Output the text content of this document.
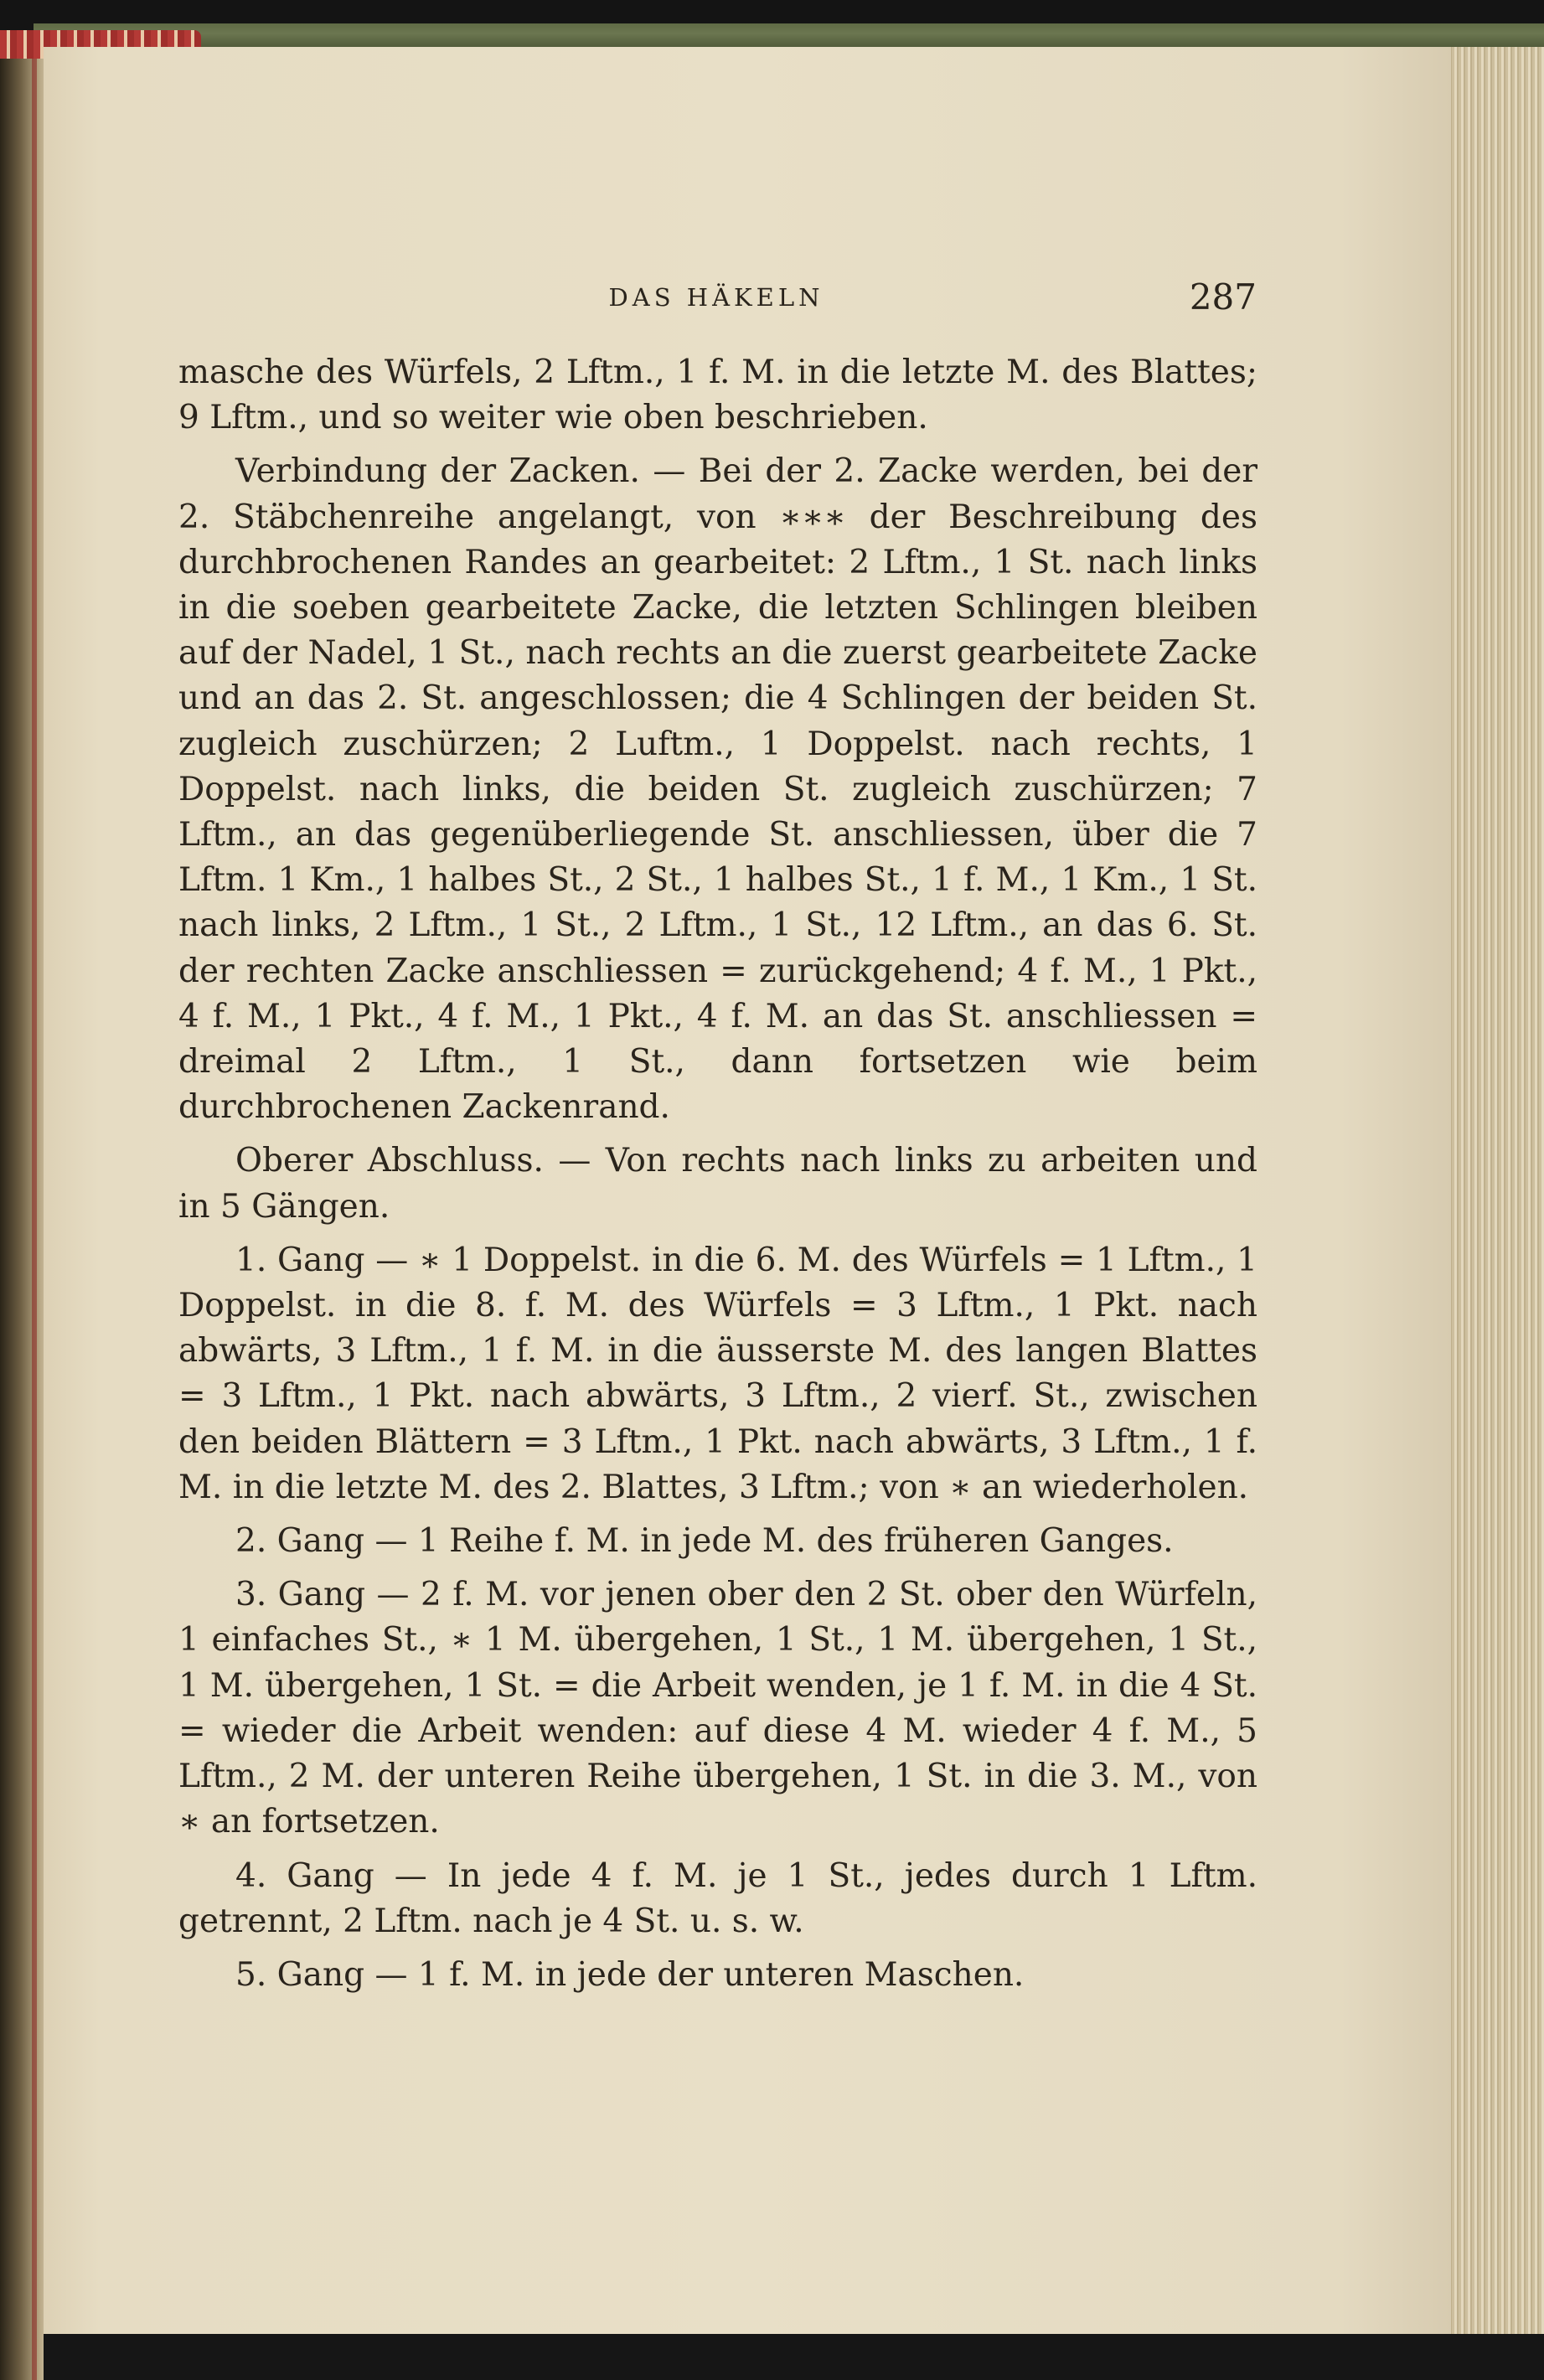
DAS HÄKELN	287

masche des Würfels, 2 Lftm., 1 f. M. in die letzte M. des Blattes; 9 Lftm., und so weiter wie oben beschrieben.

Verbindung der Zacken. — Bei der 2. Zacke werden, bei der 2. Stäbchenreihe angelangt, von ∗∗∗ der Beschreibung des durchbrochenen Randes an gearbeitet: 2 Lftm., 1 St. nach links in die soeben gearbeitete Zacke, die letzten Schlingen bleiben auf der Nadel, 1 St., nach rechts an die zuerst gearbeitete Zacke und an das 2. St. angeschlossen; die 4 Schlingen der beiden St. zugleich zuschürzen; 2 Luftm., 1 Doppelst. nach rechts, 1 Doppelst. nach links, die beiden St. zugleich zuschürzen; 7 Lftm., an das gegenüberliegende St. anschliessen, über die 7 Lftm. 1 Km., 1 halbes St., 2 St., 1 halbes St., 1 f. M., 1 Km., 1 St. nach links, 2 Lftm., 1 St., 2 Lftm., 1 St., 12 Lftm., an das 6. St. der rechten Zacke anschliessen = zurückgehend; 4 f. M., 1 Pkt., 4 f. M., 1 Pkt., 4 f. M., 1 Pkt., 4 f. M. an das St. anschliessen = dreimal 2 Lftm., 1 St., dann fortsetzen wie beim durchbrochenen Zackenrand.

Oberer Abschluss. — Von rechts nach links zu arbeiten und in 5 Gängen.

1. Gang — ∗ 1 Doppelst. in die 6. M. des Würfels = 1 Lftm., 1 Doppelst. in die 8. f. M. des Würfels = 3 Lftm., 1 Pkt. nach abwärts, 3 Lftm., 1 f. M. in die äusserste M. des langen Blattes = 3 Lftm., 1 Pkt. nach abwärts, 3 Lftm., 2 vierf. St., zwischen den beiden Blättern = 3 Lftm., 1 Pkt. nach abwärts, 3 Lftm., 1 f. M. in die letzte M. des 2. Blattes, 3 Lftm.; von ∗ an wiederholen.

2. Gang — 1 Reihe f. M. in jede M. des früheren Ganges.

3. Gang — 2 f. M. vor jenen ober den 2 St. ober den Würfeln, 1 einfaches St., ∗ 1 M. übergehen, 1 St., 1 M. übergehen, 1 St., 1 M. übergehen, 1 St. = die Arbeit wenden, je 1 f. M. in die 4 St. = wieder die Arbeit wenden: auf diese 4 M. wieder 4 f. M., 5 Lftm., 2 M. der unteren Reihe übergehen, 1 St. in die 3. M., von ∗ an fortsetzen.

4. Gang — In jede 4 f. M. je 1 St., jedes durch 1 Lftm. getrennt, 2 Lftm. nach je 4 St. u. s. w.

5. Gang — 1 f. M. in jede der unteren Maschen.
